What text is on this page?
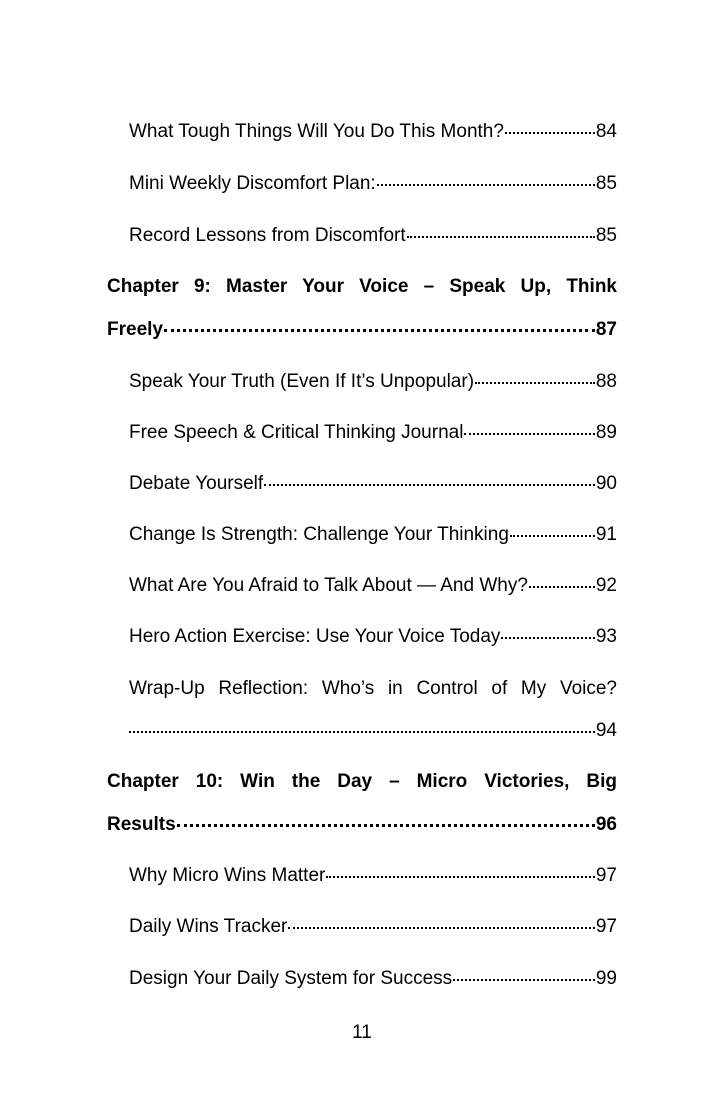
What Tough Things Will You Do This Month?	84
Mini Weekly Discomfort Plan:	85
Record Lessons from Discomfort	85
Chapter 9: Master Your Voice – Speak Up, Think
Freely	87
Speak Your Truth (Even If It’s Unpopular)	88
Free Speech & Critical Thinking Journal	89
Debate Yourself	90
Change Is Strength: Challenge Your Thinking	91
What Are You Afraid to Talk About — And Why?	92
Hero Action Exercise: Use Your Voice Today	93
Wrap-Up Reflection: Who’s in Control of My Voice?
94
Chapter 10: Win the Day – Micro Victories, Big
Results	96
Why Micro Wins Matter	97
Daily Wins Tracker	97
Design Your Daily System for Success	99
11
